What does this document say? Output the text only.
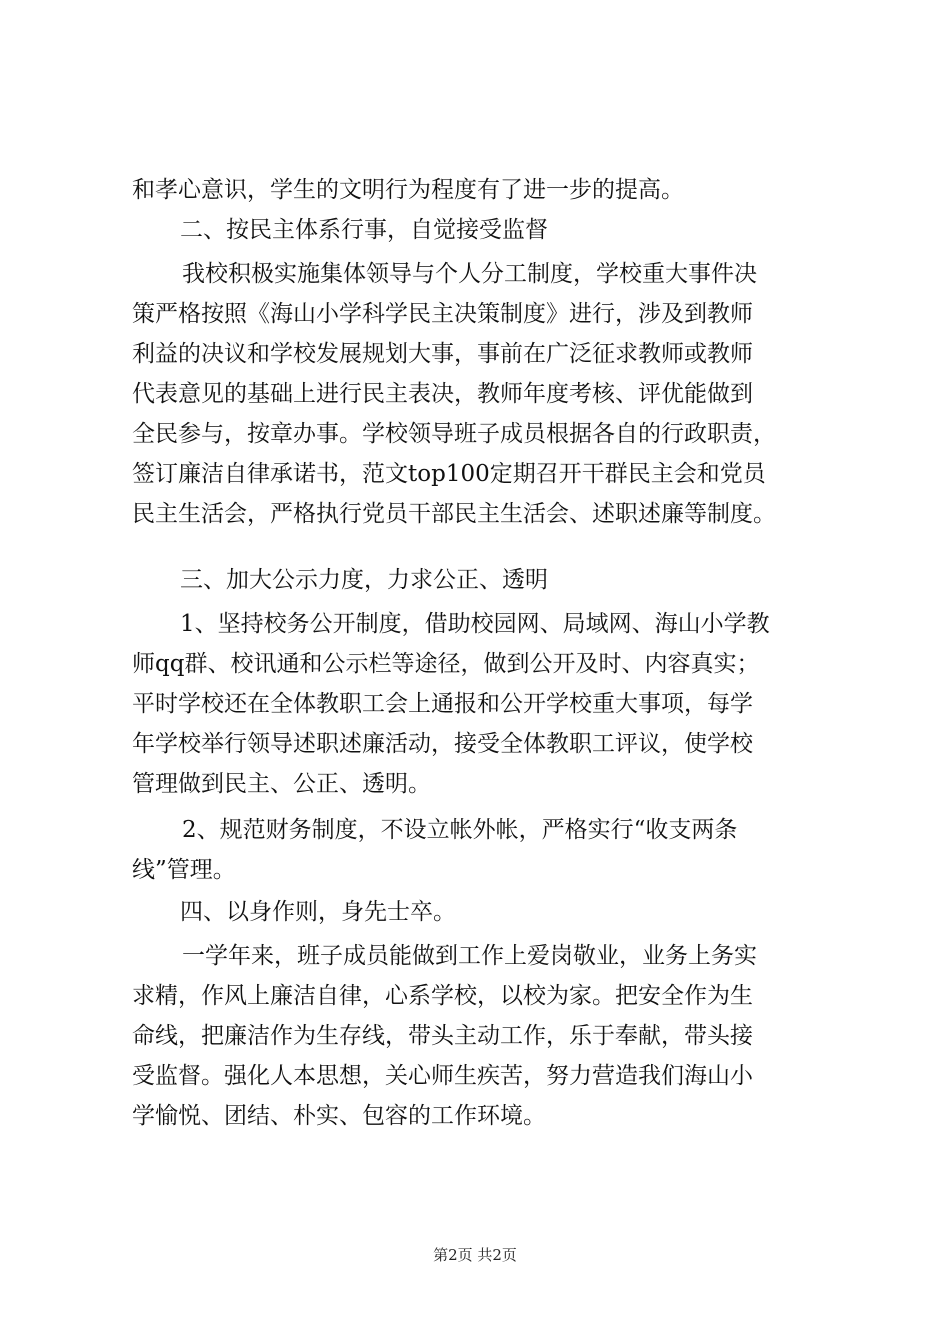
和孝心意识，学生的文明行为程度有了进一步的提高。
二、按民主体系行事，自觉接受监督
我校积极实施集体领导与个人分工制度，学校重大事件决
策严格按照《海山小学科学民主决策制度》进行，涉及到教师
利益的决议和学校发展规划大事，事前在广泛征求教师或教师
代表意见的基础上进行民主表决，教师年度考核、评优能做到
全民参与，按章办事。学校领导班子成员根据各自的行政职责，
签订廉洁自律承诺书，范文top100定期召开干群民主会和党员
民主生活会，严格执行党员干部民主生活会、述职述廉等制度。
三、加大公示力度，力求公正、透明
1、坚持校务公开制度，借助校园网、局域网、海山小学教
师qq群、校讯通和公示栏等途径，做到公开及时、内容真实；
平时学校还在全体教职工会上通报和公开学校重大事项，每学
年学校举行领导述职述廉活动，接受全体教职工评议，使学校
管理做到民主、公正、透明。
2、规范财务制度，不设立帐外帐，严格实行“收支两条
线”管理。
四、以身作则，身先士卒。
一学年来，班子成员能做到工作上爱岗敬业，业务上务实
求精，作风上廉洁自律，心系学校，以校为家。把安全作为生
命线，把廉洁作为生存线，带头主动工作，乐于奉献，带头接
受监督。强化人本思想，关心师生疾苦，努力营造我们海山小
学愉悦、团结、朴实、包容的工作环境。
第2页 共2页
